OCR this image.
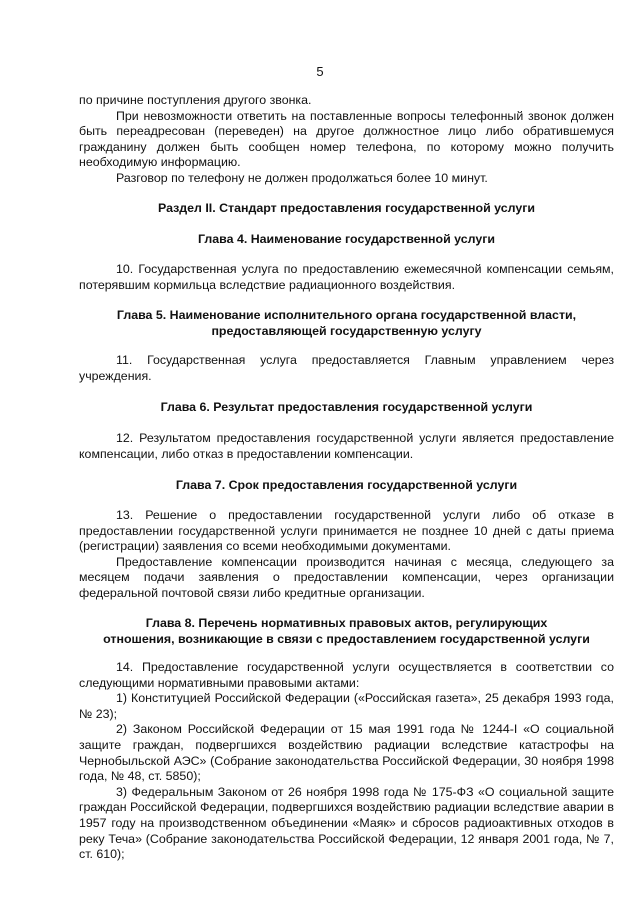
5

по причине поступления другого звонка.

При невозможности ответить на поставленные вопросы телефонный звонок должен быть переадресован (переведен) на другое должностное лицо либо обратившемуся гражданину должен быть сообщен номер телефона, по которому можно получить необходимую информацию.

Разговор по телефону не должен продолжаться более 10 минут.

Раздел II. Стандарт предоставления государственной услуги

Глава 4. Наименование государственной услуги

10. Государственная услуга по предоставлению ежемесячной компенсации семьям, потерявшим кормильца вследствие радиационного воздействия.

Глава 5. Наименование исполнительного органа государственной власти,

предоставляющей государственную услугу

11. Государственная услуга предоставляется Главным управлением через учреждения.

Глава 6. Результат предоставления государственной услуги

12. Результатом предоставления государственной услуги является предоставление компенсации, либо отказ в предоставлении компенсации.

Глава 7. Срок предоставления государственной услуги

13. Решение о предоставлении государственной услуги либо об отказе в предоставлении государственной услуги принимается не позднее 10 дней с даты приема (регистрации) заявления со всеми необходимыми документами.

Предоставление компенсации производится начиная с месяца, следующего за месяцем подачи заявления о предоставлении компенсации, через организации федеральной почтовой связи либо кредитные организации.

Глава 8. Перечень нормативных правовых актов, регулирующих

отношения, возникающие в связи с предоставлением государственной услуги

14. Предоставление государственной услуги осуществляется в соответствии со следующими нормативными правовыми актами:

1) Конституцией Российской Федерации («Российская газета», 25 декабря 1993 года, № 23);

2) Законом Российской Федерации от 15 мая 1991 года № 1244-I «О социальной защите граждан, подвергшихся воздействию радиации вследствие катастрофы на Чернобыльской АЭС» (Собрание законодательства Российской Федерации, 30 ноября 1998 года, № 48, ст. 5850);

3) Федеральным Законом от 26 ноября 1998 года № 175-ФЗ «О социальной защите граждан Российской Федерации, подвергшихся воздействию радиации вследствие аварии в 1957 году на производственном объединении «Маяк» и сбросов радиоактивных отходов в реку Теча» (Собрание законодательства Российской Федерации, 12 января 2001 года, № 7, ст. 610);
